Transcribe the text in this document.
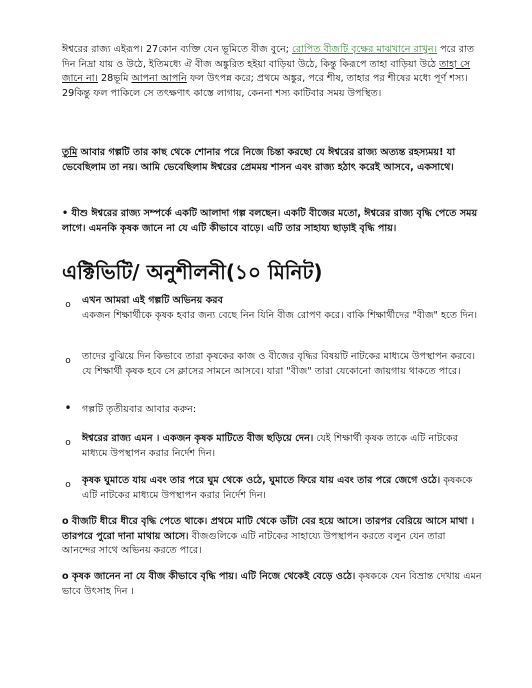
ঈশ্বরের রাজ্য এইরূপ। 27কোন ব্যক্তি যেন ভূমিতে বীজ বুনে; রোপিত বীজটি বৃক্ষের মাঝখানে রাখুন। পরে রাত দিন নিদ্রা যায় ও উঠে, ইতিমধ্যে ঐ বীজ অঙ্কুরিত হইয়া বাড়িয়া উঠে, কিন্তু কিরূপে তাহা বাড়িয়া উঠে তাহা সে জানে না। 28ভূমি আপনা আপনি ফল উৎপন্ন করে; প্রথমে অঙ্কুর, পরে শীষ, তাহার পর শীষের মধ্যে পূর্ণ শস্য। 29কিন্তু ফল পাকিলে সে তৎক্ষণাৎ কাস্তে লাগায়, কেননা শস্য কাটিবার সময় উপস্থিত।

তুমি আবার গল্পটি তার কাছ থেকে শোনার পরে নিজে চিন্তা করছো যে ঈশ্বরের রাজ্য অত্যন্ত রহস্যময়! যা ভেবেছিলাম তা নয়। আমি ভেবেছিলাম ঈশ্বরের প্রেমময় শাসন এবং রাজ্য হঠাৎ করেই আসবে, একসাথে।

• যীশু ঈশ্বরের রাজ্য সম্পর্কে একটি আলাদা গল্প বলছেন। একটি বীজের মতো, ঈশ্বরের রাজ্য বৃদ্ধি পেতে সময় লাগে। এমনকি কৃষক জানে না যে এটি কীভাবে বাড়ে। এটি তার সাহায্য ছাড়াই বৃদ্ধি পায়।

এক্টিভিটি/ অনুশীলনী(১০ মিনিট)
o	এখন আমরা এই গল্পটি অভিনয় করব

একজন শিক্ষার্থীকে কৃষক হবার জন্য বেছে নিন যিনি বীজ রোপণ করে। বাকি শিক্ষার্থীদের "বীজ" হতে দিন।

o	তাদের বুঝিয়ে দিন কিভাবে তারা কৃষকের কাজ ও বীজের বৃদ্ধির বিষয়টি নাটকের মাধ্যমে উপস্থাপন করবে। যে শিক্ষার্থী কৃষক হবে সে ক্লাসের সামনে আসবে। যারা "বীজ" তারা যেকোনো জায়গায় থাকতে পারে।

• গল্পটি তৃতীয়বার আবার করুন:

o	ঈশ্বরের রাজ্য এমন । একজন কৃষক মাটিতে বীজ ছড়িয়ে দেন। যেই শিক্ষার্থী কৃষক তাকে এটি নাটকের মাধ্যমে উপস্থাপন করার নির্দেশ দিন।

o	কৃষক ঘুমাতে যায় এবং তার পরে ঘুম থেকে ওঠে, ঘুমাতে ফিরে যায় এবং তার পরে জেগে ওঠে। কৃষককে এটি নাটকের মাধ্যমে উপস্থাপন করার নির্দেশ দিন।

o বীজটি ধীরে ধীরে বৃদ্ধি পেতে থাকে। প্রথমে মাটি থেকে ডাঁটা বের হয়ে আসে। তারপর বেরিয়ে আসে মাথা । তারপরে পুরো দানা মাথায় আসে। বীজগুলিকে এটি নাটকের সাহায্যে উপস্থাপন করতে বলুন যেন তারা আনন্দের সাথে অভিনয় করতে পারে।

o কৃষক জানেন না যে বীজ কীভাবে বৃদ্ধি পায়। এটি নিজে থেকেই বেড়ে ওঠে। কৃষককে যেন বিভ্রান্ত দেখায় এমন ভাবে উৎসাহ দিন ।
